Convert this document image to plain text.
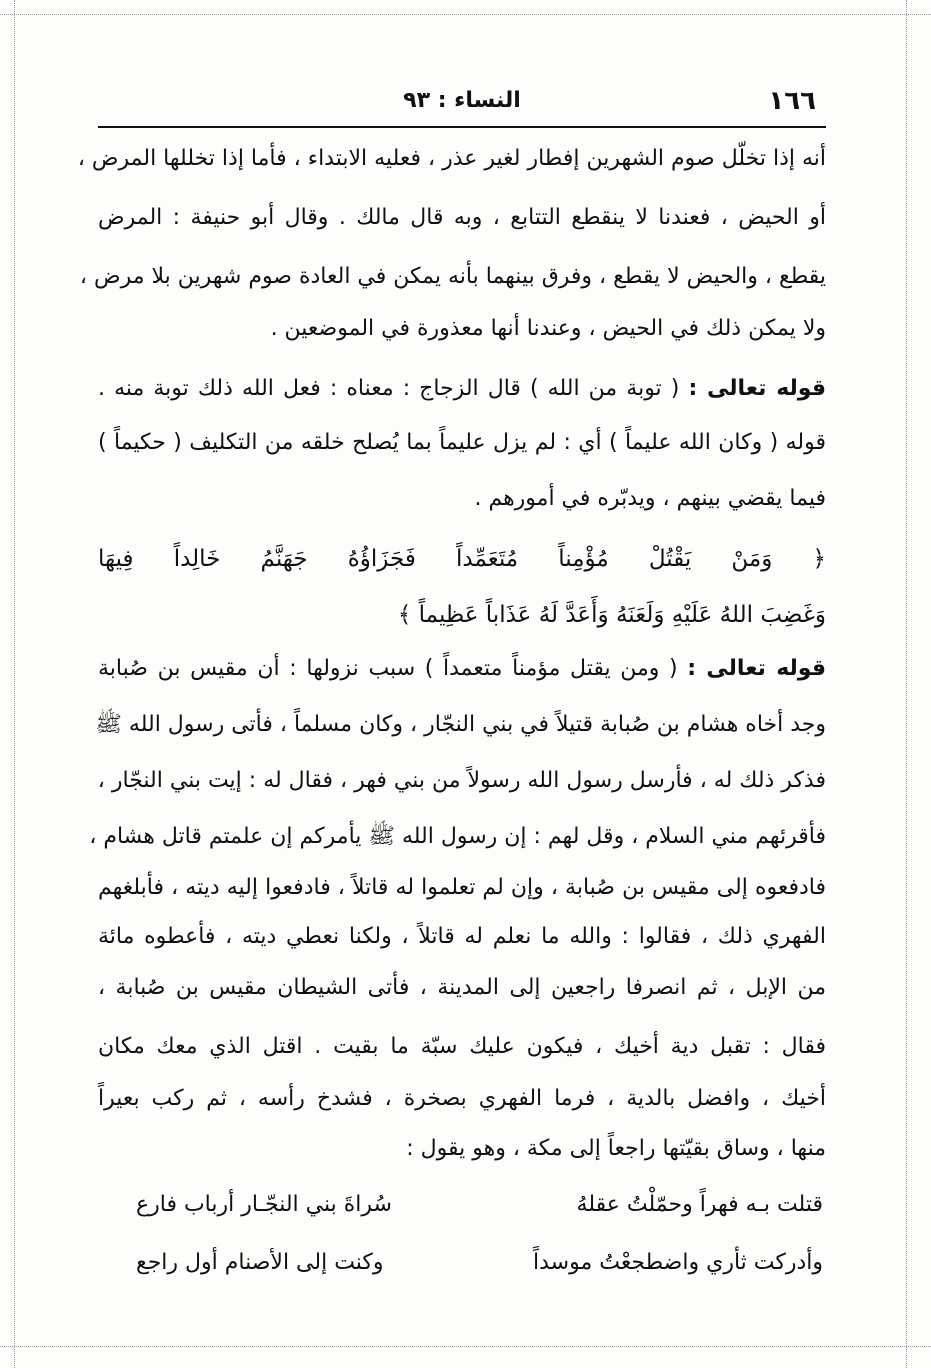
١٦٦
النساء : ٩٣
أنه إذا تخلّل صوم الشهرين إفطار لغير عذر ، فعليه الابتداء ، فأما إذا تخللها المرض ،
أو الحيض ، فعندنا لا ينقطع التتابع ، وبه قال مالك . وقال أبو حنيفة : المرض
يقطع ، والحيض لا يقطع ، وفرق بينهما بأنه يمكن في العادة صوم شهرين بلا مرض ،
ولا يمكن ذلك في الحيض ، وعندنا أنها معذورة في الموضعين .
قوله تعالى : ( توبة من الله ) قال الزجاج : معناه : فعل الله ذلك توبة منه .
قوله ( وكان الله عليماً ) أي : لم يزل عليماً بما يُصلح خلقه من التكليف ( حكيماً )
فيما يقضي بينهم ، ويدبّره في أمورهم .
﴿ وَمَنْ يَقْتُلْ مُؤْمِناً مُتَعَمِّداً فَجَزَاؤُهُ جَهَنَّمُ خَالِداً فِيهَا
وَغَضِبَ اللهُ عَلَيْهِ وَلَعَنَهُ وَأَعَدَّ لَهُ عَذَاباً عَظِيماً ﴾
قوله تعالى : ( ومن يقتل مؤمناً متعمداً ) سبب نزولها : أن مقيس بن صُبابة
وجد أخاه هشام بن صُبابة قتيلاً في بني النجّار ، وكان مسلماً ، فأتى رسول الله ﷺ
فذكر ذلك له ، فأرسل رسول الله رسولاً من بني فهر ، فقال له : إيت بني النجّار ،
فأقرئهم مني السلام ، وقل لهم : إن رسول الله ﷺ يأمركم إن علمتم قاتل هشام ،
فادفعوه إلى مقيس بن صُبابة ، وإن لم تعلموا له قاتلاً ، فادفعوا إليه ديته ، فأبلغهم
الفهري ذلك ، فقالوا : والله ما نعلم له قاتلاً ، ولكنا نعطي ديته ، فأعطوه مائة
من الإبل ، ثم انصرفا راجعين إلى المدينة ، فأتى الشيطان مقيس بن صُبابة ،
فقال : تقبل دية أخيك ، فيكون عليك سبّة ما بقيت . اقتل الذي معك مكان
أخيك ، وافضل بالدية ، فرما الفهري بصخرة ، فشدخ رأسه ، ثم ركب بعيراً
منها ، وساق بقيّتها راجعاً إلى مكة ، وهو يقول :
قتلت بـه فهراً وحمّلْتُ عقلهُ
سُراةَ بني النجّـار أرباب فارع
وأدركت ثأري واضطجعْتُ موسداً
وكنت إلى الأصنام أول راجع
